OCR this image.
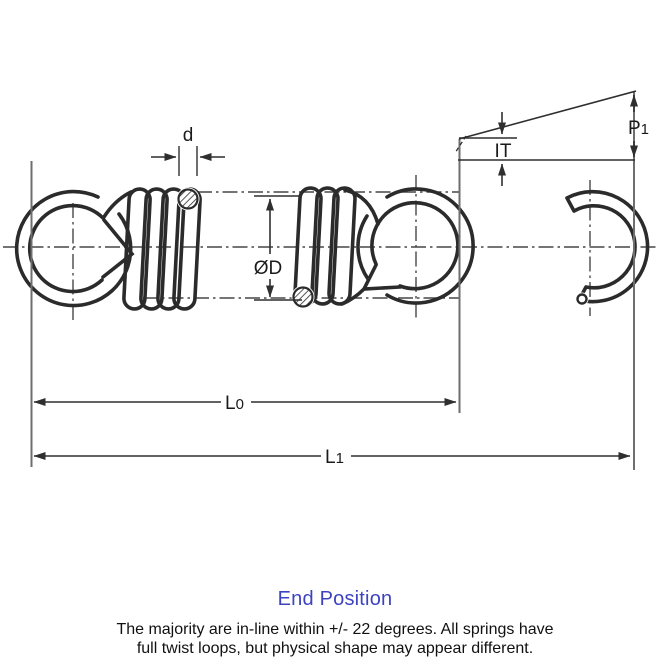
d
ØD
L0
L1
P1
IT
End Position
The majority are in-line within +/- 22 degrees. All springs have
full twist loops, but physical shape may appear different.
